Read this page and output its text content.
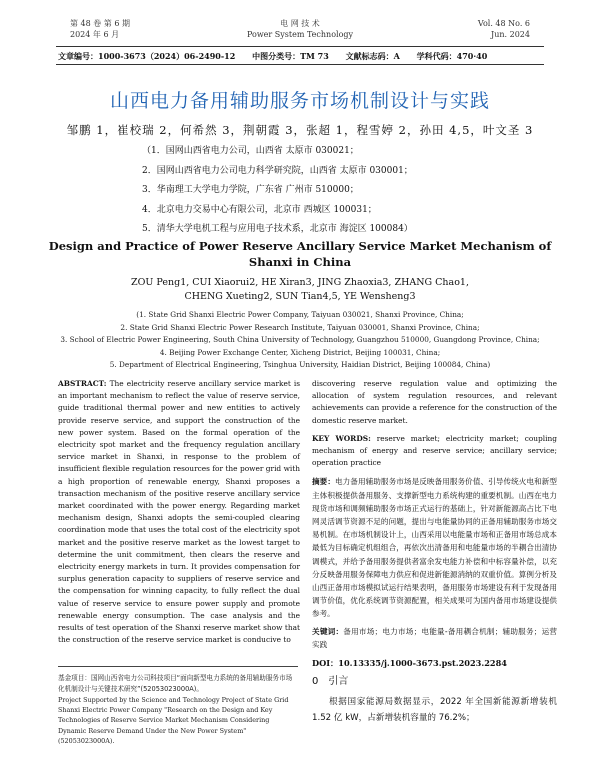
第 48 卷 第 6 期
2024 年 6 月
电 网 技 术
Power System Technology
Vol. 48 No. 6
Jun. 2024
文章编号：1000-3673（2024）06-2490-12 中图分类号：TM 73 文献标志码：A 学科代码：470·40
山西电力备用辅助服务市场机制设计与实践
邹鹏 1，崔校瑞 2，何希然 3，荆朝霞 3，张超 1，程雪婷 2，孙田 4,5，叶文圣 3
（1．国网山西省电力公司，山西省 太原市 030021；
2．国网山西省电力公司电力科学研究院，山西省 太原市 030001；
3．华南理工大学电力学院，广东省 广州市 510000；
4．北京电力交易中心有限公司，北京市 西城区 100031；
5．清华大学电机工程与应用电子技术系，北京市 海淀区 100084）
Design and Practice of Power Reserve Ancillary Service Market Mechanism of
Shanxi in China
ZOU Peng1, CUI Xiaorui2, HE Xiran3, JING Zhaoxia3, ZHANG Chao1,
CHENG Xueting2, SUN Tian4,5, YE Wensheng3
(1. State Grid Shanxi Electric Power Company, Taiyuan 030021, Shanxi Province, China;
2. State Grid Shanxi Electric Power Research Institute, Taiyuan 030001, Shanxi Province, China;
3. School of Electric Power Engineering, South China University of Technology, Guangzhou 510000, Guangdong Province, China;
4. Beijing Power Exchange Center, Xicheng District, Beijing 100031, China;
5. Department of Electrical Engineering, Tsinghua University, Haidian District, Beijing 100084, China)
ABSTRACT: The electricity reserve ancillary service market is an important mechanism to reflect the value of reserve service, guide traditional thermal power and new entities to actively provide reserve service, and support the construction of the new power system. Based on the formal operation of the electricity spot market and the frequency regulation ancillary service market in Shanxi, in response to the problem of insufficient flexible regulation resources for the power grid with a high proportion of renewable energy, Shanxi proposes a transaction mechanism of the positive reserve ancillary service market coordinated with the power energy. Regarding market mechanism design, Shanxi adopts the semi-coupled clearing coordination mode that uses the total cost of the electricity spot market and the positive reserve market as the lowest target to determine the unit commitment, then clears the reserve and electricity energy markets in turn. It provides compensation for surplus generation capacity to suppliers of reserve service and the compensation for winning capacity, to fully reflect the dual value of reserve service to ensure power supply and promote renewable energy consumption. The case analysis and the results of test operation of the Shanxi reserve market show that the construction of the reserve service market is conducive to
基金项目：国网山西省电力公司科技项目“面向新型电力系统的备用辅助服务市场化机制设计与关键技术研究”(52053023000A)。
Project Supported by the Science and Technology Project of State Grid Shanxi Electric Power Company "Research on the Design and Key Technologies of Reserve Service Market Mechanism Considering Dynamic Reserve Demand Under the New Power System" (52053023000A).
discovering reserve regulation value and optimizing the allocation of system regulation resources, and relevant achievements can provide a reference for the construction of the domestic reserve market.
KEY WORDS: reserve market; electricity market; coupling mechanism of energy and reserve service; ancillary service; operation practice
摘要：电力备用辅助服务市场是反映备用服务价值、引导传统火电和新型主体积极提供备用服务、支撑新型电力系统构建的重要机制。山西在电力现货市场和调频辅助服务市场正式运行的基础上，针对新能源高占比下电网灵活调节资源不足的问题，提出与电能量协同的正备用辅助服务市场交易机制。在市场机制设计上，山西采用以电能量市场和正备用市场总成本最低为目标确定机组组合，再依次出清备用和电能量市场的半耦合出清协调模式，并给予备用服务提供者富余发电能力补偿和中标容量补偿，以充分反映备用服务保障电力供应和促进新能源消纳的双重价值。算例分析及山西正备用市场模拟试运行结果表明，备用服务市场建设有利于发现备用调节价值，优化系统调节资源配置，相关成果可为国内备用市场建设提供参考。
关键词：备用市场；电力市场；电能量-备用耦合机制；辅助服务；运营实践
DOI：10.13335/j.1000-3673.pst.2023.2284
0　引言
根据国家能源局数据显示，2022 年全国新能源新增装机 1.52 亿 kW，占新增装机容量的 76.2%；
